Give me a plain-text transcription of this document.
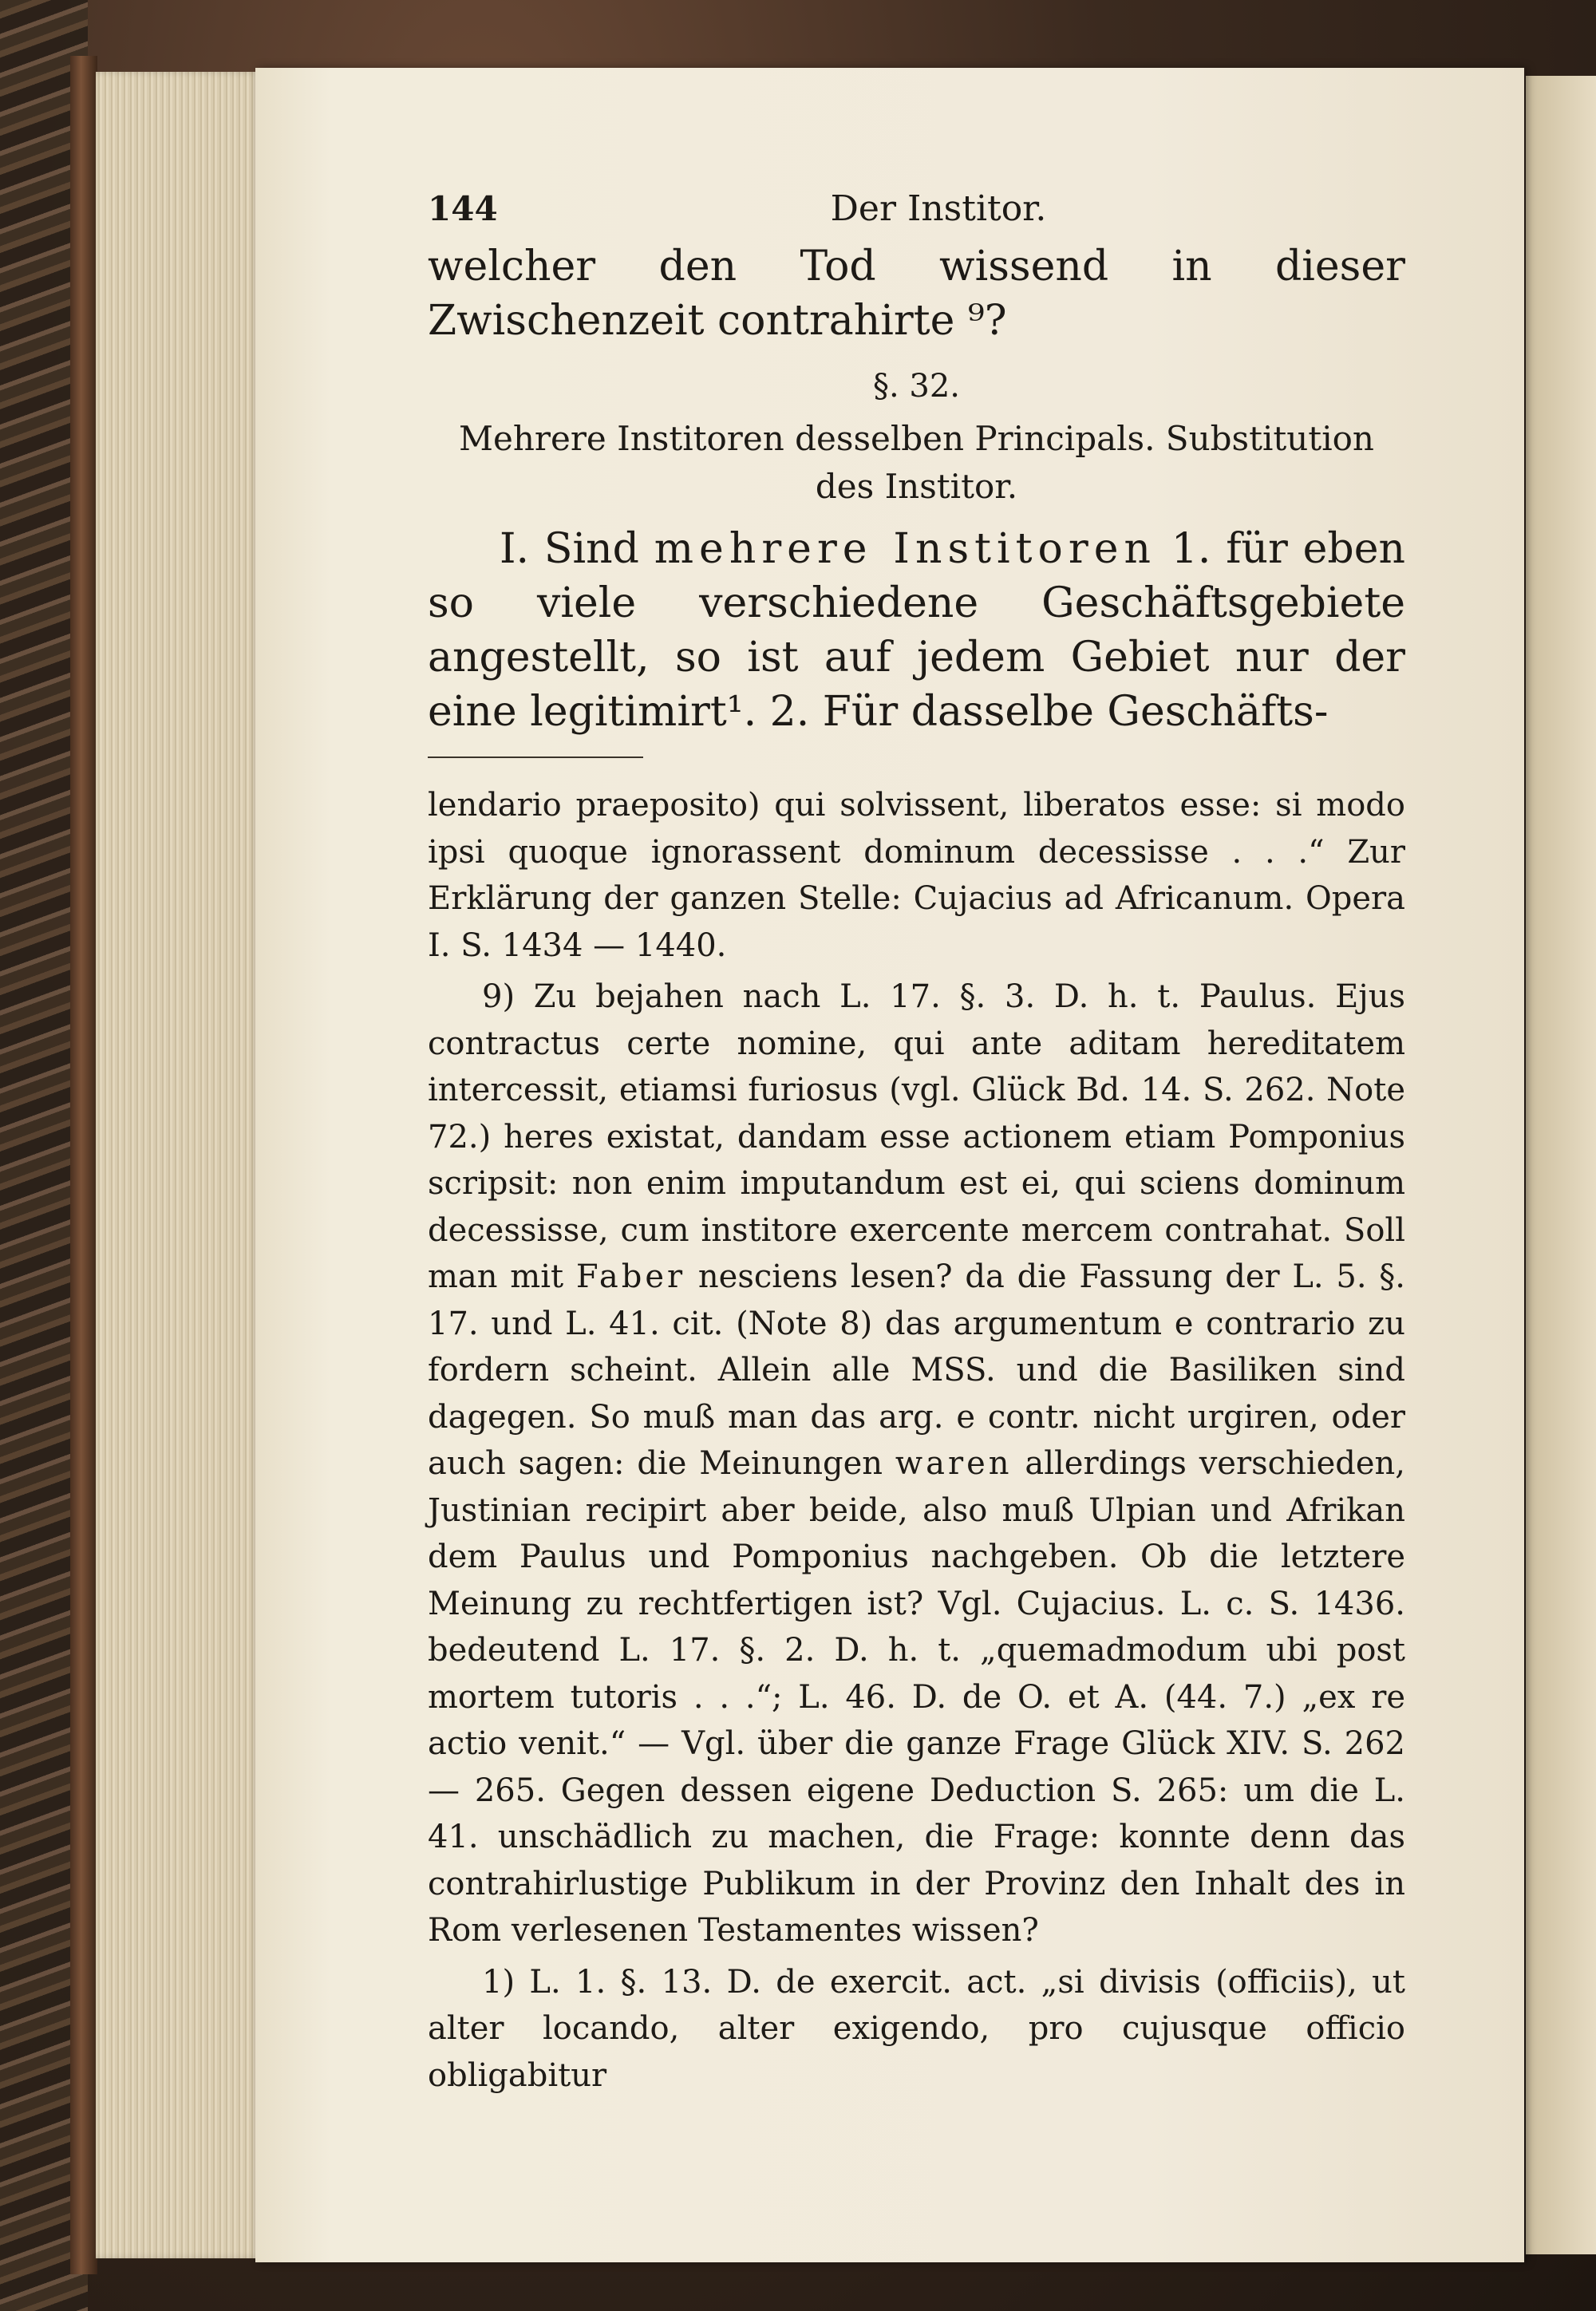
144	Der Institor.

welcher den Tod wissend in dieser Zwischenzeit contrahirte ⁹?

§. 32.
Mehrere Institoren desselben Principals. Substitution des Institor.

I. Sind mehrere Institoren 1. für eben so viele verschiedene Geschäftsgebiete angestellt, so ist auf jedem Gebiet nur der eine legitimirt¹. 2. Für dasselbe Geschäfts-

lendario praeposito) qui solvissent, liberatos esse: si modo ipsi quoque ignorassent dominum decessisse . . .“ Zur Erklärung der ganzen Stelle: Cujacius ad Africanum. Opera I. S. 1434 — 1440.

9) Zu bejahen nach L. 17. §. 3. D. h. t. Paulus. Ejus contractus certe nomine, qui ante aditam hereditatem intercessit, etiamsi furiosus (vgl. Glück Bd. 14. S. 262. Note 72.) heres existat, dandam esse actionem etiam Pomponius scripsit: non enim imputandum est ei, qui sciens dominum decessisse, cum institore exercente mercem contrahat. Soll man mit Faber nesciens lesen? da die Fassung der L. 5. §. 17. und L. 41. cit. (Note 8) das argumentum e contrario zu fordern scheint. Allein alle MSS. und die Basiliken sind dagegen. So muß man das arg. e contr. nicht urgiren, oder auch sagen: die Meinungen waren allerdings verschieden, Justinian recipirt aber beide, also muß Ulpian und Afrikan dem Paulus und Pomponius nachgeben. Ob die letztere Meinung zu rechtfertigen ist? Vgl. Cujacius. L. c. S. 1436. bedeutend L. 17. §. 2. D. h. t. „quemadmodum ubi post mortem tutoris . . .“; L. 46. D. de O. et A. (44. 7.) „ex re actio venit.“ — Vgl. über die ganze Frage Glück XIV. S. 262 — 265. Gegen dessen eigene Deduction S. 265: um die L. 41. unschädlich zu machen, die Frage: konnte denn das contrahirlustige Publikum in der Provinz den Inhalt des in Rom verlesenen Testamentes wissen?

1) L. 1. §. 13. D. de exercit. act. „si divisis (officiis), ut alter locando, alter exigendo, pro cujusque officio obligabitur
